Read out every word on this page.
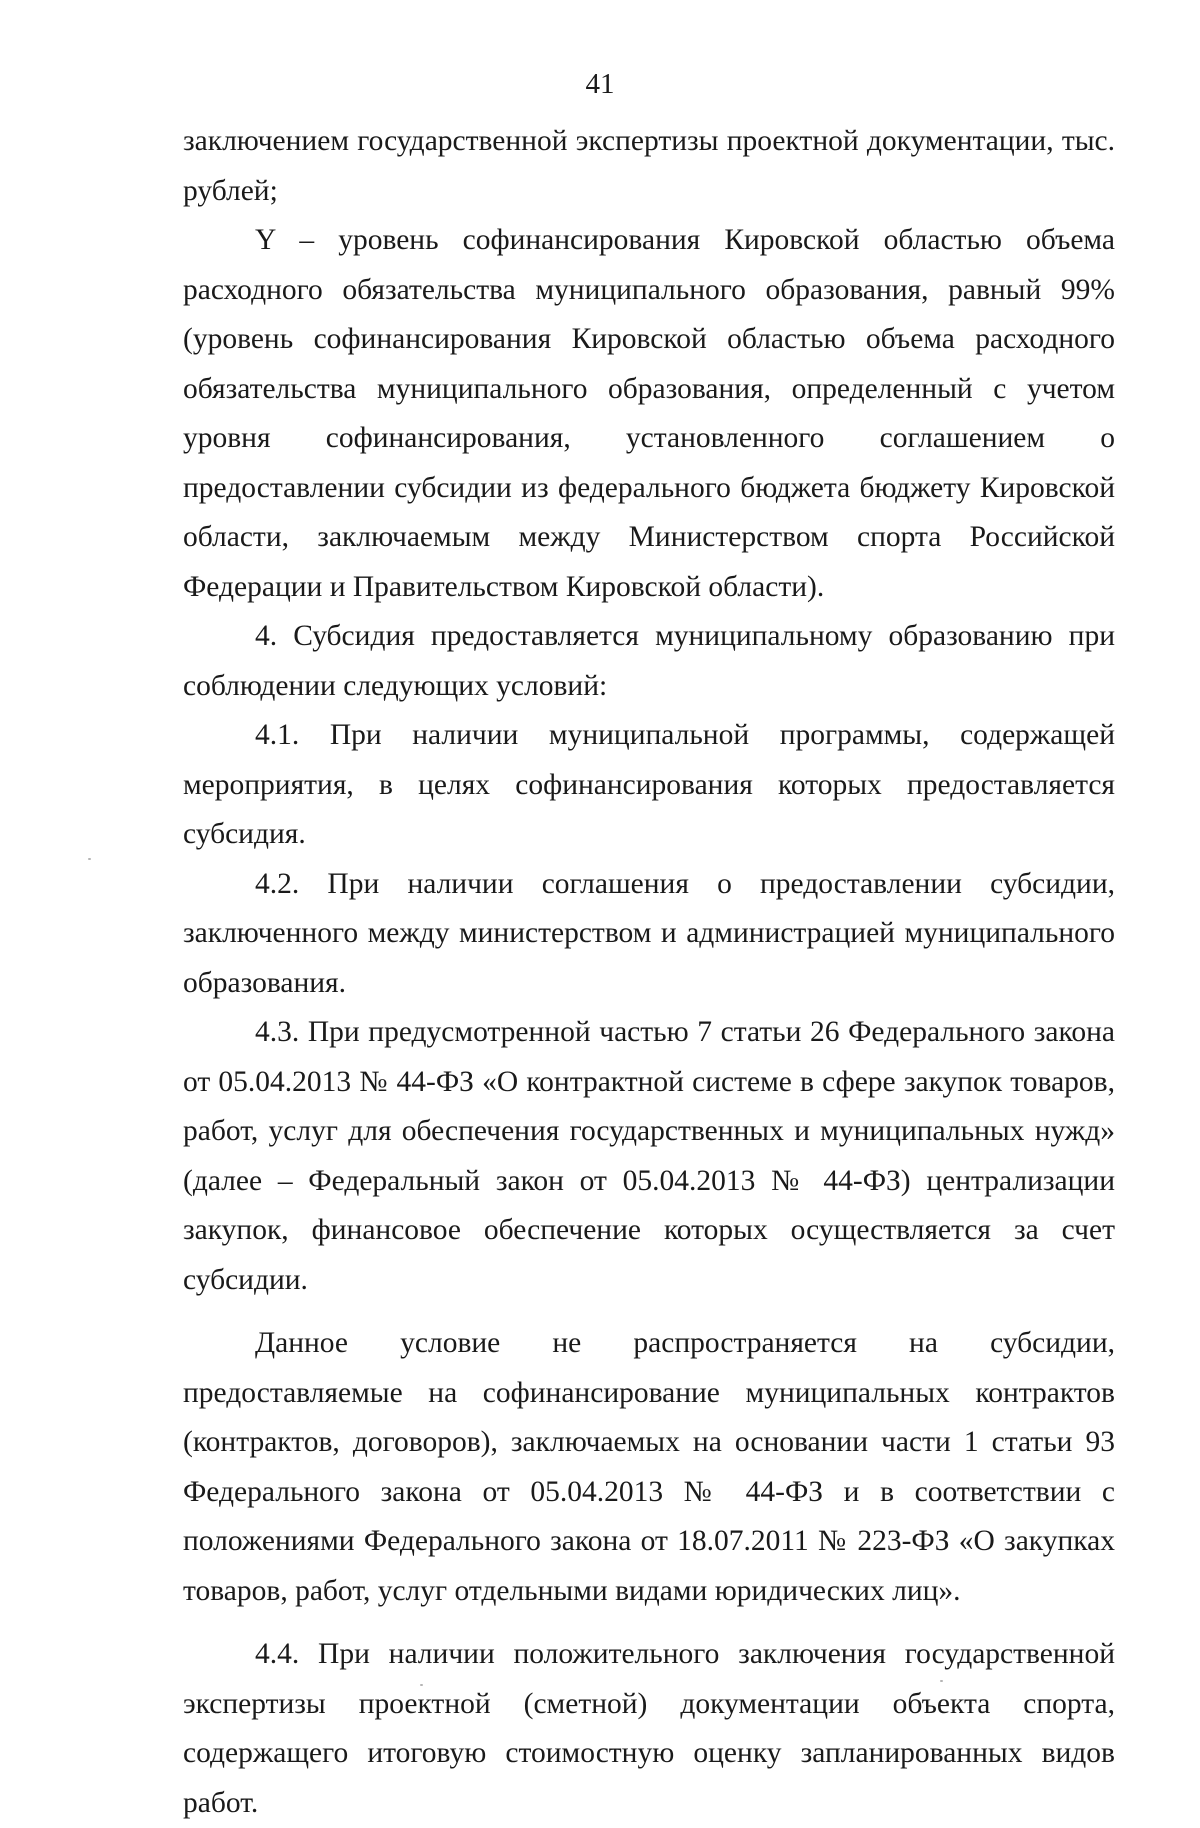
41

заключением государственной экспертизы проектной документации, тыс. рублей;

Y – уровень софинансирования Кировской областью объема расходного обязательства муниципального образования, равный 99% (уровень софинансирования Кировской областью объема расходного обязательства муниципального образования, определенный с учетом уровня софинансирования, установленного соглашением о предоставлении субсидии из федерального бюджета бюджету Кировской области, заключаемым между Министерством спорта Российской Федерации и Правительством Кировской области).

4. Субсидия предоставляется муниципальному образованию при соблюдении следующих условий:

4.1. При наличии муниципальной программы, содержащей мероприятия, в целях софинансирования которых предоставляется субсидия.

4.2. При наличии соглашения о предоставлении субсидии, заключенного между министерством и администрацией муниципального образования.

4.3. При предусмотренной частью 7 статьи 26 Федерального закона от 05.04.2013 № 44-ФЗ «О контрактной системе в сфере закупок товаров, работ, услуг для обеспечения государственных и муниципальных нужд» (далее – Федеральный закон от 05.04.2013 № 44-ФЗ) централизации закупок, финансовое обеспечение которых осуществляется за счет субсидии.

Данное условие не распространяется на субсидии, предоставляемые на софинансирование муниципальных контрактов (контрактов, договоров), заключаемых на основании части 1 статьи 93 Федерального закона от 05.04.2013 № 44-ФЗ и в соответствии с положениями Федерального закона от 18.07.2011 № 223-ФЗ «О закупках товаров, работ, услуг отдельными видами юридических лиц».

4.4. При наличии положительного заключения государственной экспертизы проектной (сметной) документации объекта спорта, содержащего итоговую стоимостную оценку запланированных видов работ.
